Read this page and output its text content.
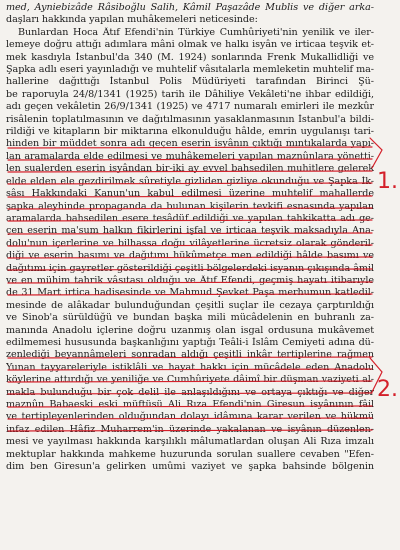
med, Ayniebizâde Râsiboğlu Salih, Kâmil Paşazâde Mublis ve diğer arka-
daşları hakkında yapılan muhâkemeleri neticesinde:
Bunlardan Hoca Âtıf Efendi'nin Türkiye Cumhûriyeti'nin yenilik ve iler-
lemeye doğru attığı adımlara mâni olmak ve halkı isyân ve irticaa teşvik et-
mek kasdıyla İstanbul'da 340 (M. 1924) sonlarında Frenk Mukallidliği ve
Şapka adlı eseri yayınladığı ve muhtelif vâsıtalarla memleketin muhtelif ma-
hallerine dağıttığı İstanbul Polis Müdüriyeti tarafından Birinci Şü-
be raporuyla 24/8/1341 (1925) tarih ile Dâhiliye Vekâleti'ne ihbar edildiği,
adı geçen vekâletin 26/9/1341 (1925) ve 4717 numaralı emirleri ile mezkûr
risâlenin toplatılmasının ve dağıtılmasının yasaklanmasının İstanbul'a bildi-
rildiği ve kitapların bir miktarına elkonulduğu hâlde, emrin uygulanışı tari-
hinden bir müddet sonra adı geçen eserin isyânın çıktığı mıntıkalarda yapı-
lan aramalarda elde edilmesi ve muhâkemeleri yapılan maznûnlara yönetti-
len sualerden eserin isyândan bir-iki ay evvel bahsedilen muhitlere gelerek
elde elden ele gezdirilmek sûretiyle gizliden gizliye okunduğu ve Şapka İk-
sâsı Hakkındaki Kanun'un kabul edilmesi üzerine muhtelif mahallerde
şapka aleyhinde propaganda da bulunan kişilerin tevkifi esnasında yapılan
aramalarda bahsedilen esere tesâdüf edildiği ve yapılan tahkikatta adı ge-
çen eserin ma'sum halkın fikirlerini işfal ve irticaa teşvik maksadıyla Ana-
dolu'nun içerlerine ve bilhassa doğu vilâyetlerine ücretsiz olarak gönderil-
diği ve eserin basımı ve dağıtımı hükûmetçe men edildiği hâlde basımı ve
dağıtımı için gayretler gösterildiği çeşitli bölgelerdeki isyanın çıkışında âmil
ve en mühim tahrik vâsıtası olduğu ve Âtıf Efendi, geçmiş hayatı itibarıyle
de 31 Mart irtica hadisesinde ve Mahmud Şevket Paşa merhumun katledil-
mesinde de alâkadar bulunduğundan çeşitli suçlar ile cezaya çarptırıldığı
ve Sinob'a sürüldüğü ve bundan başka mili mücâdelenin en buhranlı za-
manında Anadolu içlerine doğru uzanmış olan isgal ordusuna mukâvemet
edilmemesi hususunda başkanlığını yaptığı Teâli-i İslâm Cemiyeti adına dü-
zenlediği beyannâmeleri sonradan aldığı çeşitli inkâr tertiplerine rağmen
Yunan tayyareleriyle istiklâli ve hayat hakkı için mücâdele eden Anadolu
köylerine attırdığı ve yeniliğe ve Cumhûriyete dâimî bir düşman vaziyeti al-
makla bulunduğu bir çok delil ile anlaşıldığını ve ortaya çıktığı ve diğer
maznûn Babaeski eski müftüsü Ali Rıza Efendi'nin Giresun isyânının fâil
ve tertipleyenlerinden olduğundan dolayı idâmına karar verilen ve hükmü
infaz edilen Hâfiz Muharrem'in üzerinde yakalanan ve isyânın düzenlen-
mesi ve yayılması hakkında karşılıklı mâlumatlardan oluşan Ali Rıza imzalı
mektuplar hakkında mahkeme huzurunda sorulan suallere cevaben "Efen-
dim ben Giresun'a gelirken umûmi vaziyet ve şapka bahsinde bölgenin
1.
2.
